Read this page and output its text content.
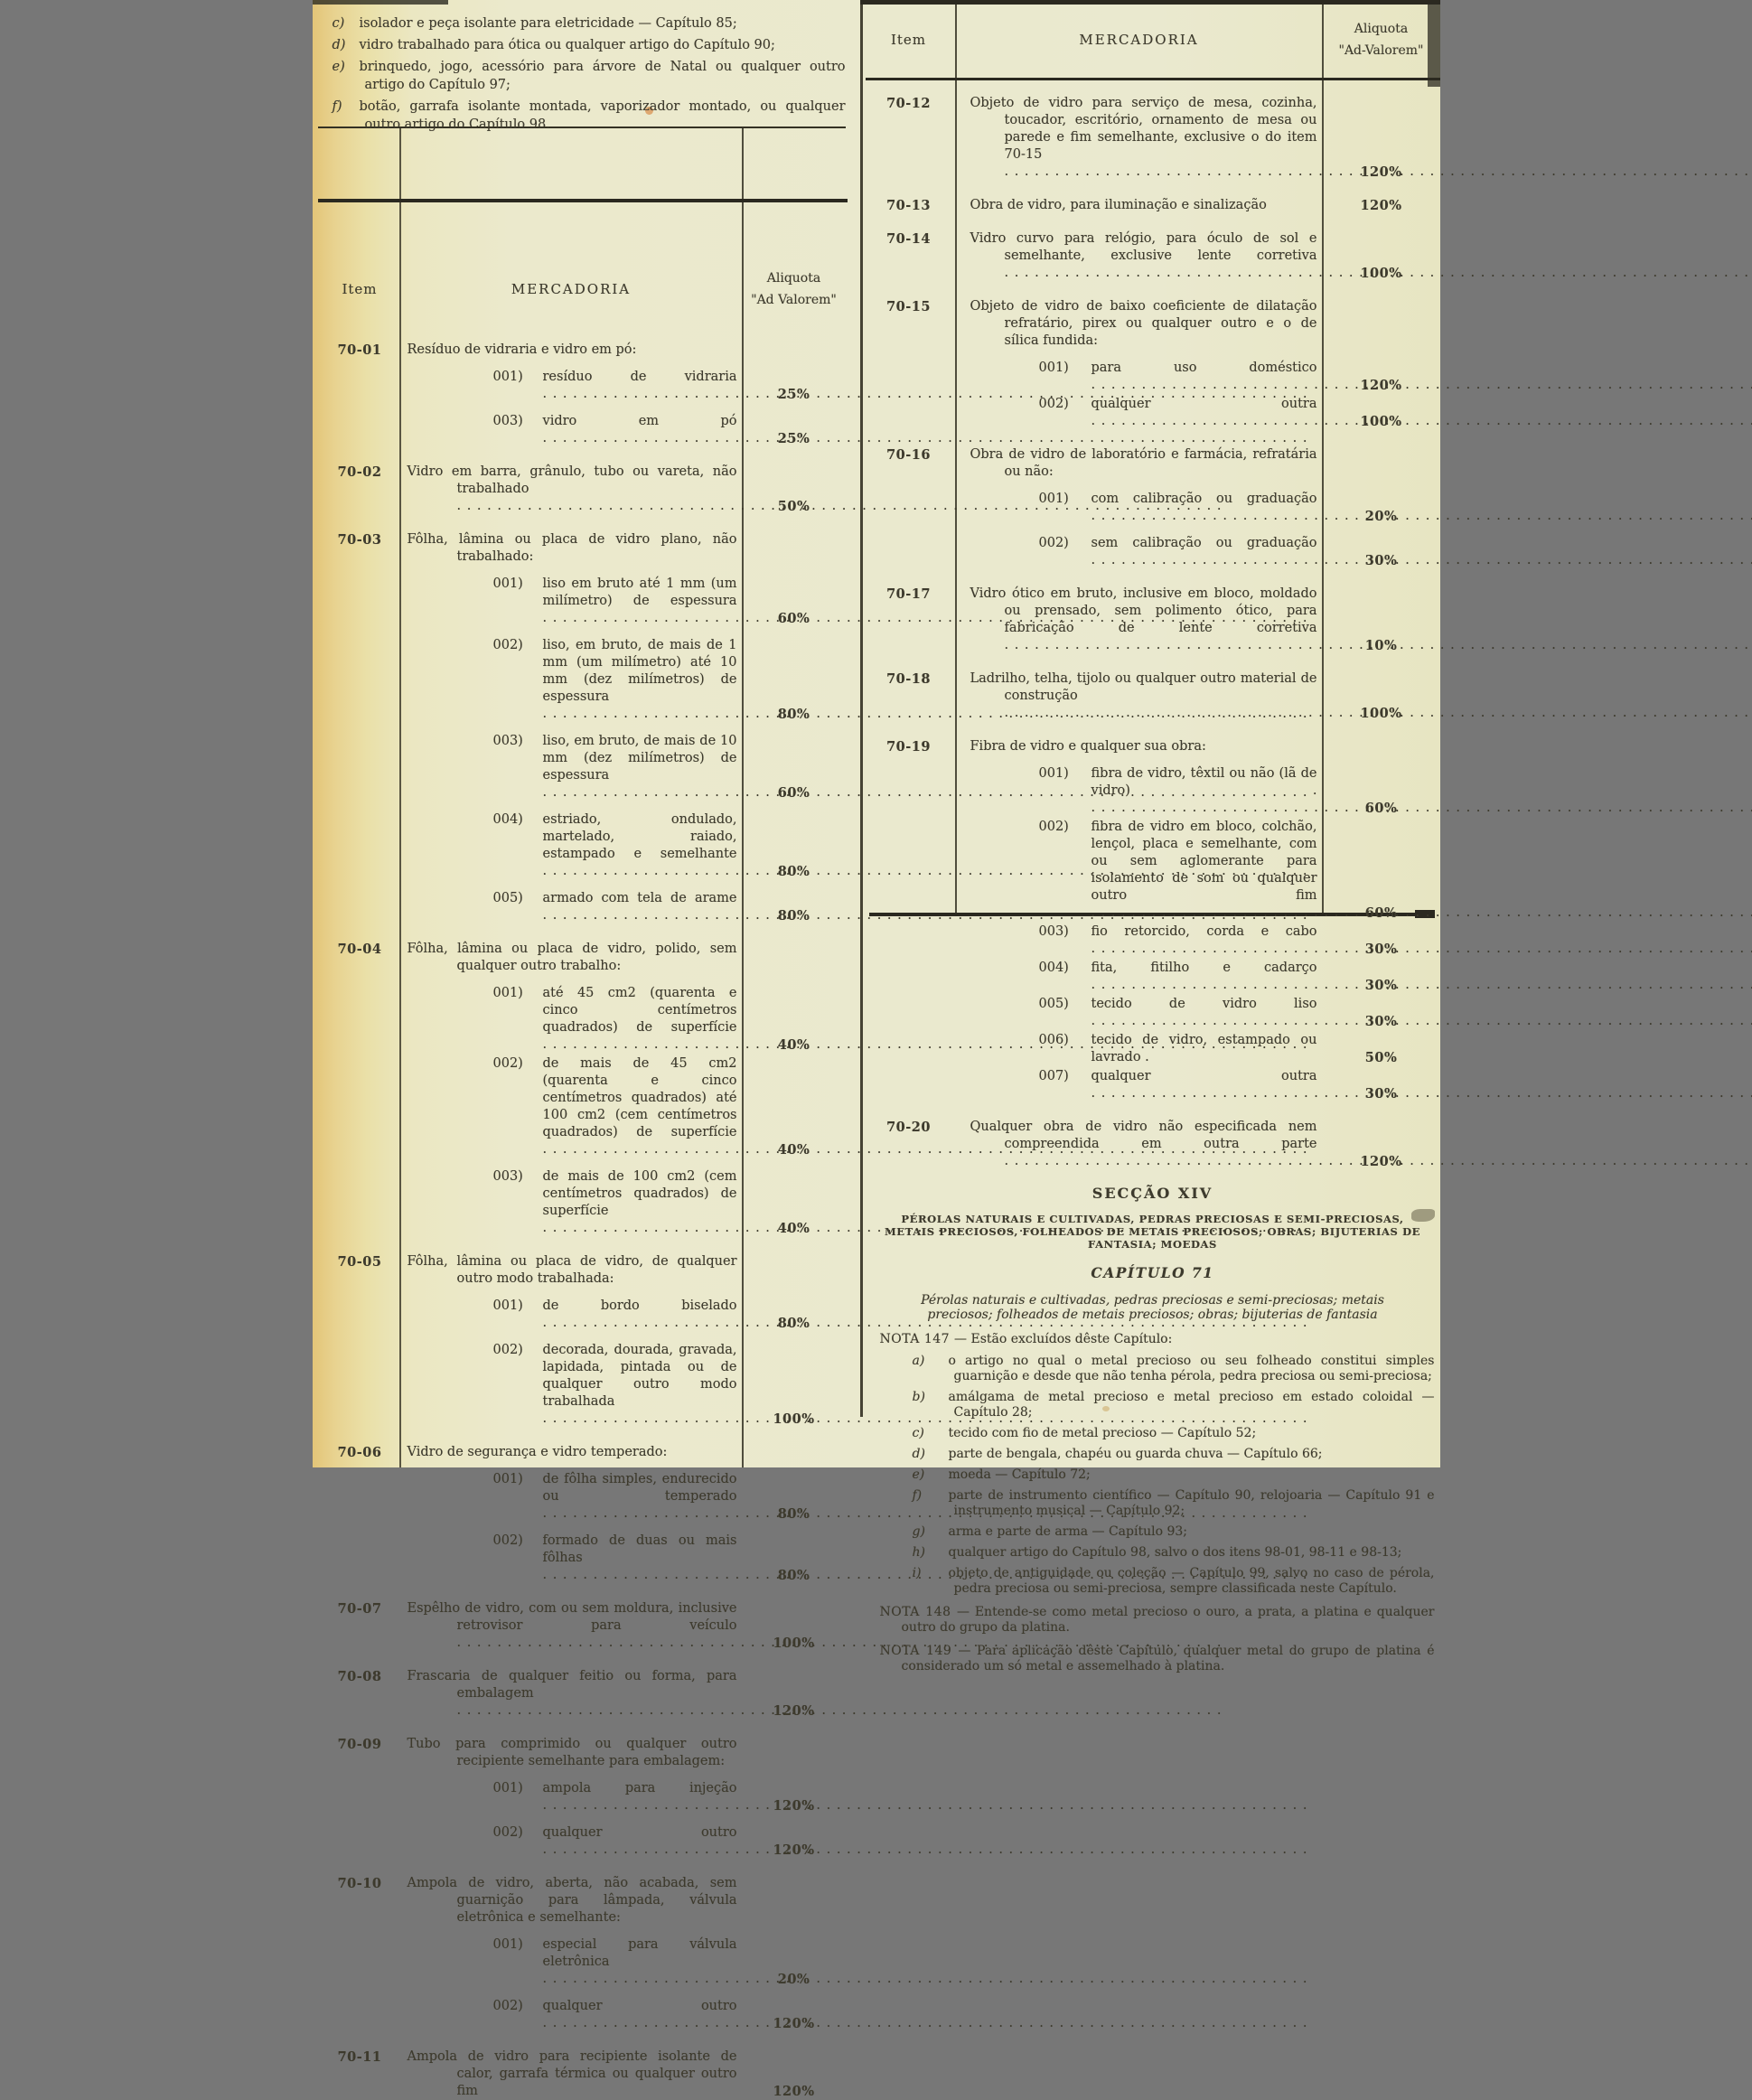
c) isolador e peça isolante para eletricidade — Capítulo 85;
d) vidro trabalhado para ótica ou qualquer artigo do Capítulo 90;
e) brinquedo, jogo, acessório para árvore de Natal ou qualquer outro artigo do Capítulo 97;
f) botão, garrafa isolante montada, vaporizador montado, ou qualquer outro artigo do Capítulo 98.
Item	MERCADORIA
Aliquota
"Ad Valorem"
70-01	Resíduo de vidraria e vidro em pó:
001) resíduo de vidraria . . .
25%
003) vidro em pó . . .
25%
70-02	Vidro em barra, grânulo, tubo ou vareta, não trabalhado . . .
50%
70-03	Fôlha, lâmina ou placa de vidro plano, não trabalhado:
001) liso em bruto até 1 mm (um milímetro) de espessura . . .
60%
002) liso, em bruto, de mais de 1 mm (um milímetro) até 10 mm (dez milímetros) de espessura . . .
80%
003) liso, em bruto, de mais de 10 mm (dez milímetros) de espessura . . .
60%
004) estriado, ondulado, martelado, raiado, estampado e semelhante . . .
80%
005) armado com tela de arame . . .
80%
70-04	Fôlha, lâmina ou placa de vidro, polido, sem qualquer outro trabalho:
001) até 45 cm2 (quarenta e cinco centímetros quadrados) de superfície . . .
40%
002) de mais de 45 cm2 (quarenta e cinco centímetros quadrados) até 100 cm2 (cem centímetros quadrados) de superfície . . .
40%
003) de mais de 100 cm2 (cem centímetros quadrados) de superfície . . .
40%
70-05	Fôlha, lâmina ou placa de vidro, de qualquer outro modo trabalhada:
001) de bordo biselado . . .
80%
002) decorada, dourada, gravada, lapidada, pintada ou de qualquer outro modo trabalhada . . .
100%
70-06	Vidro de segurança e vidro temperado:
001) de fôlha simples, endurecido ou temperado . . .
80%
002) formado de duas ou mais fôlhas . . .
80%
70-07	Espêlho de vidro, com ou sem moldura, inclusive retrovisor para veículo . . .
100%
70-08	Frascaria de qualquer feitio ou forma, para embalagem . . .
120%
70-09	Tubo para comprimido ou qualquer outro recipiente semelhante para embalagem:
001) ampola para injeção . . .
120%
002) qualquer outro . . .
120%
70-10	Ampola de vidro, aberta, não acabada, sem guarnição para lâmpada, válvula eletrônica e semelhante:
001) especial para válvula eletrônica . . .
20%
002) qualquer outro . . .
120%
70-11	Ampola de vidro para recipiente isolante de calor, garrafa térmica ou qualquer outro fim	120%
Item	MERCADORIA
Aliquota
"Ad-Valorem"
70-12	Objeto de vidro para serviço de mesa, cozinha, toucador, escritório, ornamento de mesa ou parede e fim semelhante, exclusive o do item 70-15 . . .
120%
70-13	Obra de vidro, para iluminação e sinalização	120%
70-14	Vidro curvo para relógio, para óculo de sol e semelhante, exclusive lente corretiva . . .
100%
70-15	Objeto de vidro de baixo coeficiente de dilatação refratário, pirex ou qualquer outro e o de sílica fundida:
001) para uso doméstico . . .
120%
002) qualquer outra . . .
100%
70-16	Obra de vidro de laboratório e farmácia, refratária ou não:
001) com calibração ou graduação . . .
20%
002) sem calibração ou graduação . . .
30%
70-17	Vidro ótico em bruto, inclusive em bloco, moldado ou prensado, sem polimento ótico, para fabricação de lente corretiva . . .
10%
70-18	Ladrilho, telha, tijolo ou qualquer outro material de construção . . .
100%
70-19	Fibra de vidro e qualquer sua obra:
001) fibra de vidro, têxtil ou não (lã de vidro) . . . .
60%
002) fibra de vidro em bloco, colchão, lençol, placa e semelhante, com ou sem aglomerante para isolamento de som ou qualquer outro fim . . .
60%
003) fio retorcido, corda e cabo . . .
30%
004) fita, fitilho e cadarço . . .
30%
005) tecido de vidro liso . . .
30%
006) tecido de vidro, estampado ou lavrado .	50%
007) qualquer outra . . .
30%
70-20	Qualquer obra de vidro não especificada nem compreendida em outra parte . . .
120%
SECÇÃO XIV
PÉROLAS NATURAIS E CULTIVADAS, PEDRAS PRECIOSAS E SEMI-PRECIOSAS, METAIS PRECIOSOS, FOLHEADOS DE METAIS PRECIOSOS; OBRAS; BIJUTERIAS DE FANTASIA; MOEDAS
CAPÍTULO 71
Pérolas naturais e cultivadas, pedras preciosas e semi-preciosas; metais preciosos; folheados de metais preciosos; obras; bijuterias de fantasia
NOTA 147 — Estão excluídos dêste Capítulo:
a) o artigo no qual o metal precioso ou seu folheado constitui simples guarnição e desde que não tenha pérola, pedra preciosa ou semi-preciosa;
b) amálgama de metal precioso e metal precioso em estado coloidal — Capítulo 28;
c) tecido com fio de metal precioso — Capítulo 52;
d) parte de bengala, chapéu ou guarda chuva — Capítulo 66;
e) moeda — Capítulo 72;
f) parte de instrumento científico — Capítulo 90, relojoaria — Capítulo 91 e instrumento musical — Capítulo 92;
g) arma e parte de arma — Capítulo 93;
h) qualquer artigo do Capítulo 98, salvo o dos itens 98-01, 98-11 e 98-13;
i) objeto de antiguidade ou coleção — Capítulo 99, salvo no caso de pérola, pedra preciosa ou semi-preciosa, sempre classificada neste Capítulo.
NOTA 148 — Entende-se como metal precioso o ouro, a prata, a platina e qualquer outro do grupo da platina.
NOTA 149 — Para aplicação dêste Capítulo, qualquer metal do grupo de platina é considerado um só metal e assemelhado à platina.
